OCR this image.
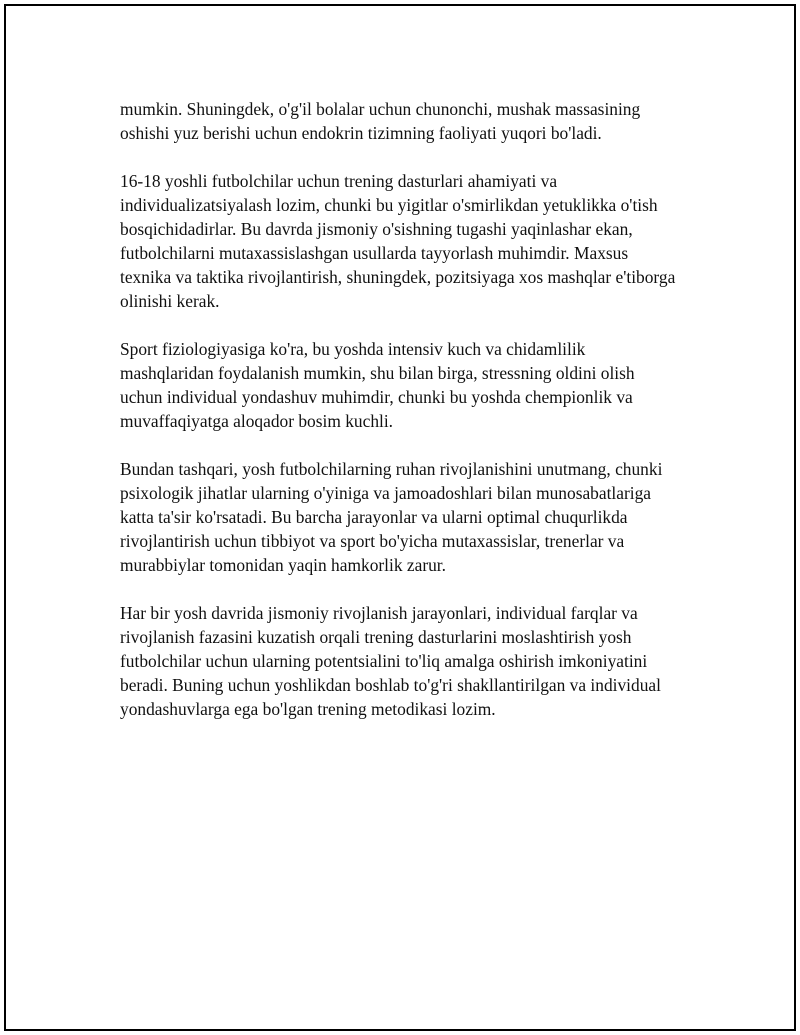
mumkin. Shuningdek, o'g'il bolalar uchun chunonchi, mushak massasining oshishi yuz berishi uchun endokrin tizimning faoliyati yuqori bo'ladi.

16-18 yoshli futbolchilar uchun trening dasturlari ahamiyati va individualizatsiyalash lozim, chunki bu yigitlar o'smirlikdan yetuklikka o'tish bosqichidadirlar. Bu davrda jismoniy o'sishning tugashi yaqinlashar ekan, futbolchilarni mutaxassislashgan usullarda tayyorlash muhimdir. Maxsus texnika va taktika rivojlantirish, shuningdek, pozitsiyaga xos mashqlar e'tiborga olinishi kerak.

Sport fiziologiyasiga ko'ra, bu yoshda intensiv kuch va chidamlilik mashqlaridan foydalanish mumkin, shu bilan birga, stressning oldini olish uchun individual yondashuv muhimdir, chunki bu yoshda chempionlik va muvaffaqiyatga aloqador bosim kuchli.

Bundan tashqari, yosh futbolchilarning ruhan rivojlanishini unutmang, chunki psixologik jihatlar ularning o'yiniga va jamoadoshlari bilan munosabatlariga katta ta'sir ko'rsatadi. Bu barcha jarayonlar va ularni optimal chuqurlikda rivojlantirish uchun tibbiyot va sport bo'yicha mutaxassislar, trenerlar va murabbiylar tomonidan yaqin hamkorlik zarur.

Har bir yosh davrida jismoniy rivojlanish jarayonlari, individual farqlar va rivojlanish fazasini kuzatish orqali trening dasturlarini moslashtirish yosh futbolchilar uchun ularning potentsialini to'liq amalga oshirish imkoniyatini beradi. Buning uchun yoshlikdan boshlab to'g'ri shakllantirilgan va individual yondashuvlarga ega bo'lgan trening metodikasi lozim.
